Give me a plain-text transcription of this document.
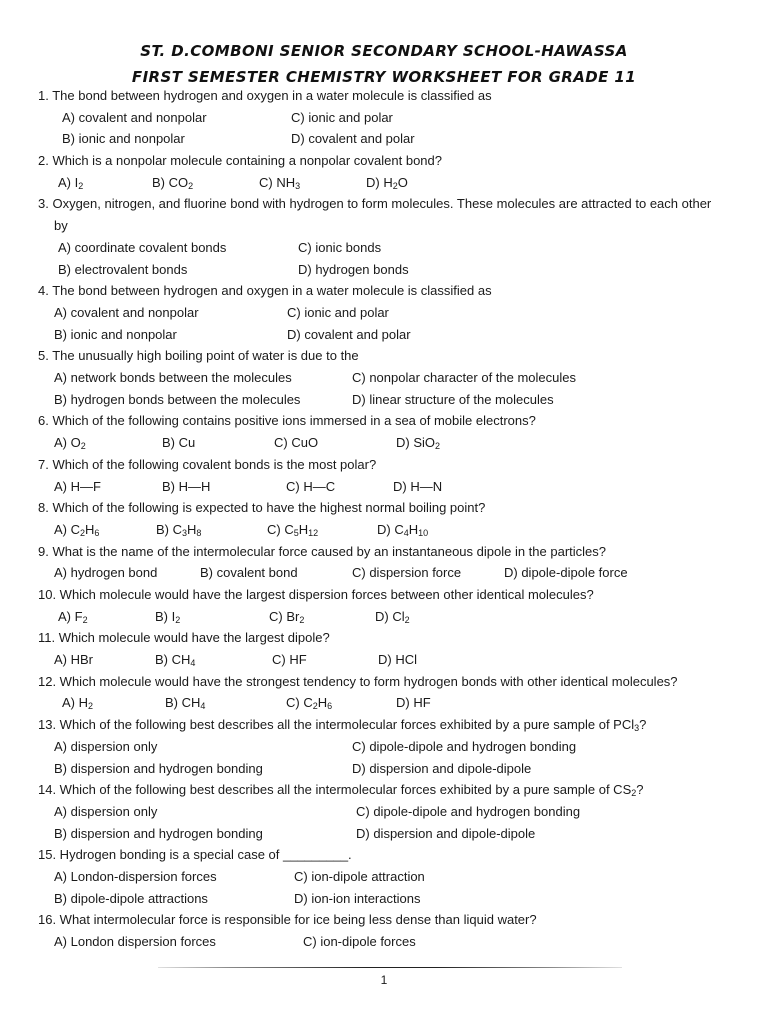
ST. D.COMBONI SENIOR SECONDARY SCHOOL-HAWASSA
FIRST SEMESTER CHEMISTRY WORKSHEET FOR GRADE 11
1. The bond between hydrogen and oxygen in a water molecule is classified as
A) covalent and nonpolar	C) ionic and polar
B) ionic and nonpolar	D) covalent and polar
2. Which is a nonpolar molecule containing a nonpolar covalent bond?
A) $I_2$	B) $CO_2$	C) $NH_3$	D) $H_2O$
3. Oxygen, nitrogen, and fluorine bond with hydrogen to form molecules. These molecules are attracted to each other by
A) coordinate covalent bonds	C) ionic bonds
B) electrovalent bonds	D) hydrogen bonds
4. The bond between hydrogen and oxygen in a water molecule is classified as
A) covalent and nonpolar	C) ionic and polar
B) ionic and nonpolar	D) covalent and polar
5. The unusually high boiling point of water is due to the
A) network bonds between the molecules	C) nonpolar character of the molecules
B) hydrogen bonds between the molecules	D) linear structure of the molecules
6. Which of the following contains positive ions immersed in a sea of mobile electrons?
A) $O_2$	B) Cu	C) CuO	D) SiO$_2$
7. Which of the following covalent bonds is the most polar?
A) H—F	B) H—H	C) H—C	D) H—N
8. Which of the following is expected to have the highest normal boiling point?
A) $C_2H_6$	B) $C_3H_8$	C) $C_5H_{12}$	D) $C_4H_{10}$
9. What is the name of the intermolecular force caused by an instantaneous dipole in the particles?
A) hydrogen bond	B) covalent bond	C) dispersion force	D) dipole-dipole force
10. Which molecule would have the largest dispersion forces between other identical molecules?
A) $F_2$	B) $I_2$	C) $Br_2$	D) $Cl_2$
11. Which molecule would have the largest dipole?
A) HBr	B) $CH_4$	C) HF	D) HCl
12. Which molecule would have the strongest tendency to form hydrogen bonds with other identical molecules?
A) $H_2$	B) $CH_4$	C) $C_2H_6$	D) HF
13. Which of the following best describes all the intermolecular forces exhibited by a pure sample of PCl$_3$?
A) dispersion only	C) dipole-dipole and hydrogen bonding
B) dispersion and hydrogen bonding	D) dispersion and dipole-dipole
14. Which of the following best describes all the intermolecular forces exhibited by a pure sample of $CS_2$?
A) dispersion only	C) dipole-dipole and hydrogen bonding
B) dispersion and hydrogen bonding	D) dispersion and dipole-dipole
15. Hydrogen bonding is a special case of _________.
A) London-dispersion forces	C) ion-dipole attraction
B) dipole-dipole attractions	D) ion-ion interactions
16. What intermolecular force is responsible for ice being less dense than liquid water?
A) London dispersion forces	C) ion-dipole forces
1
